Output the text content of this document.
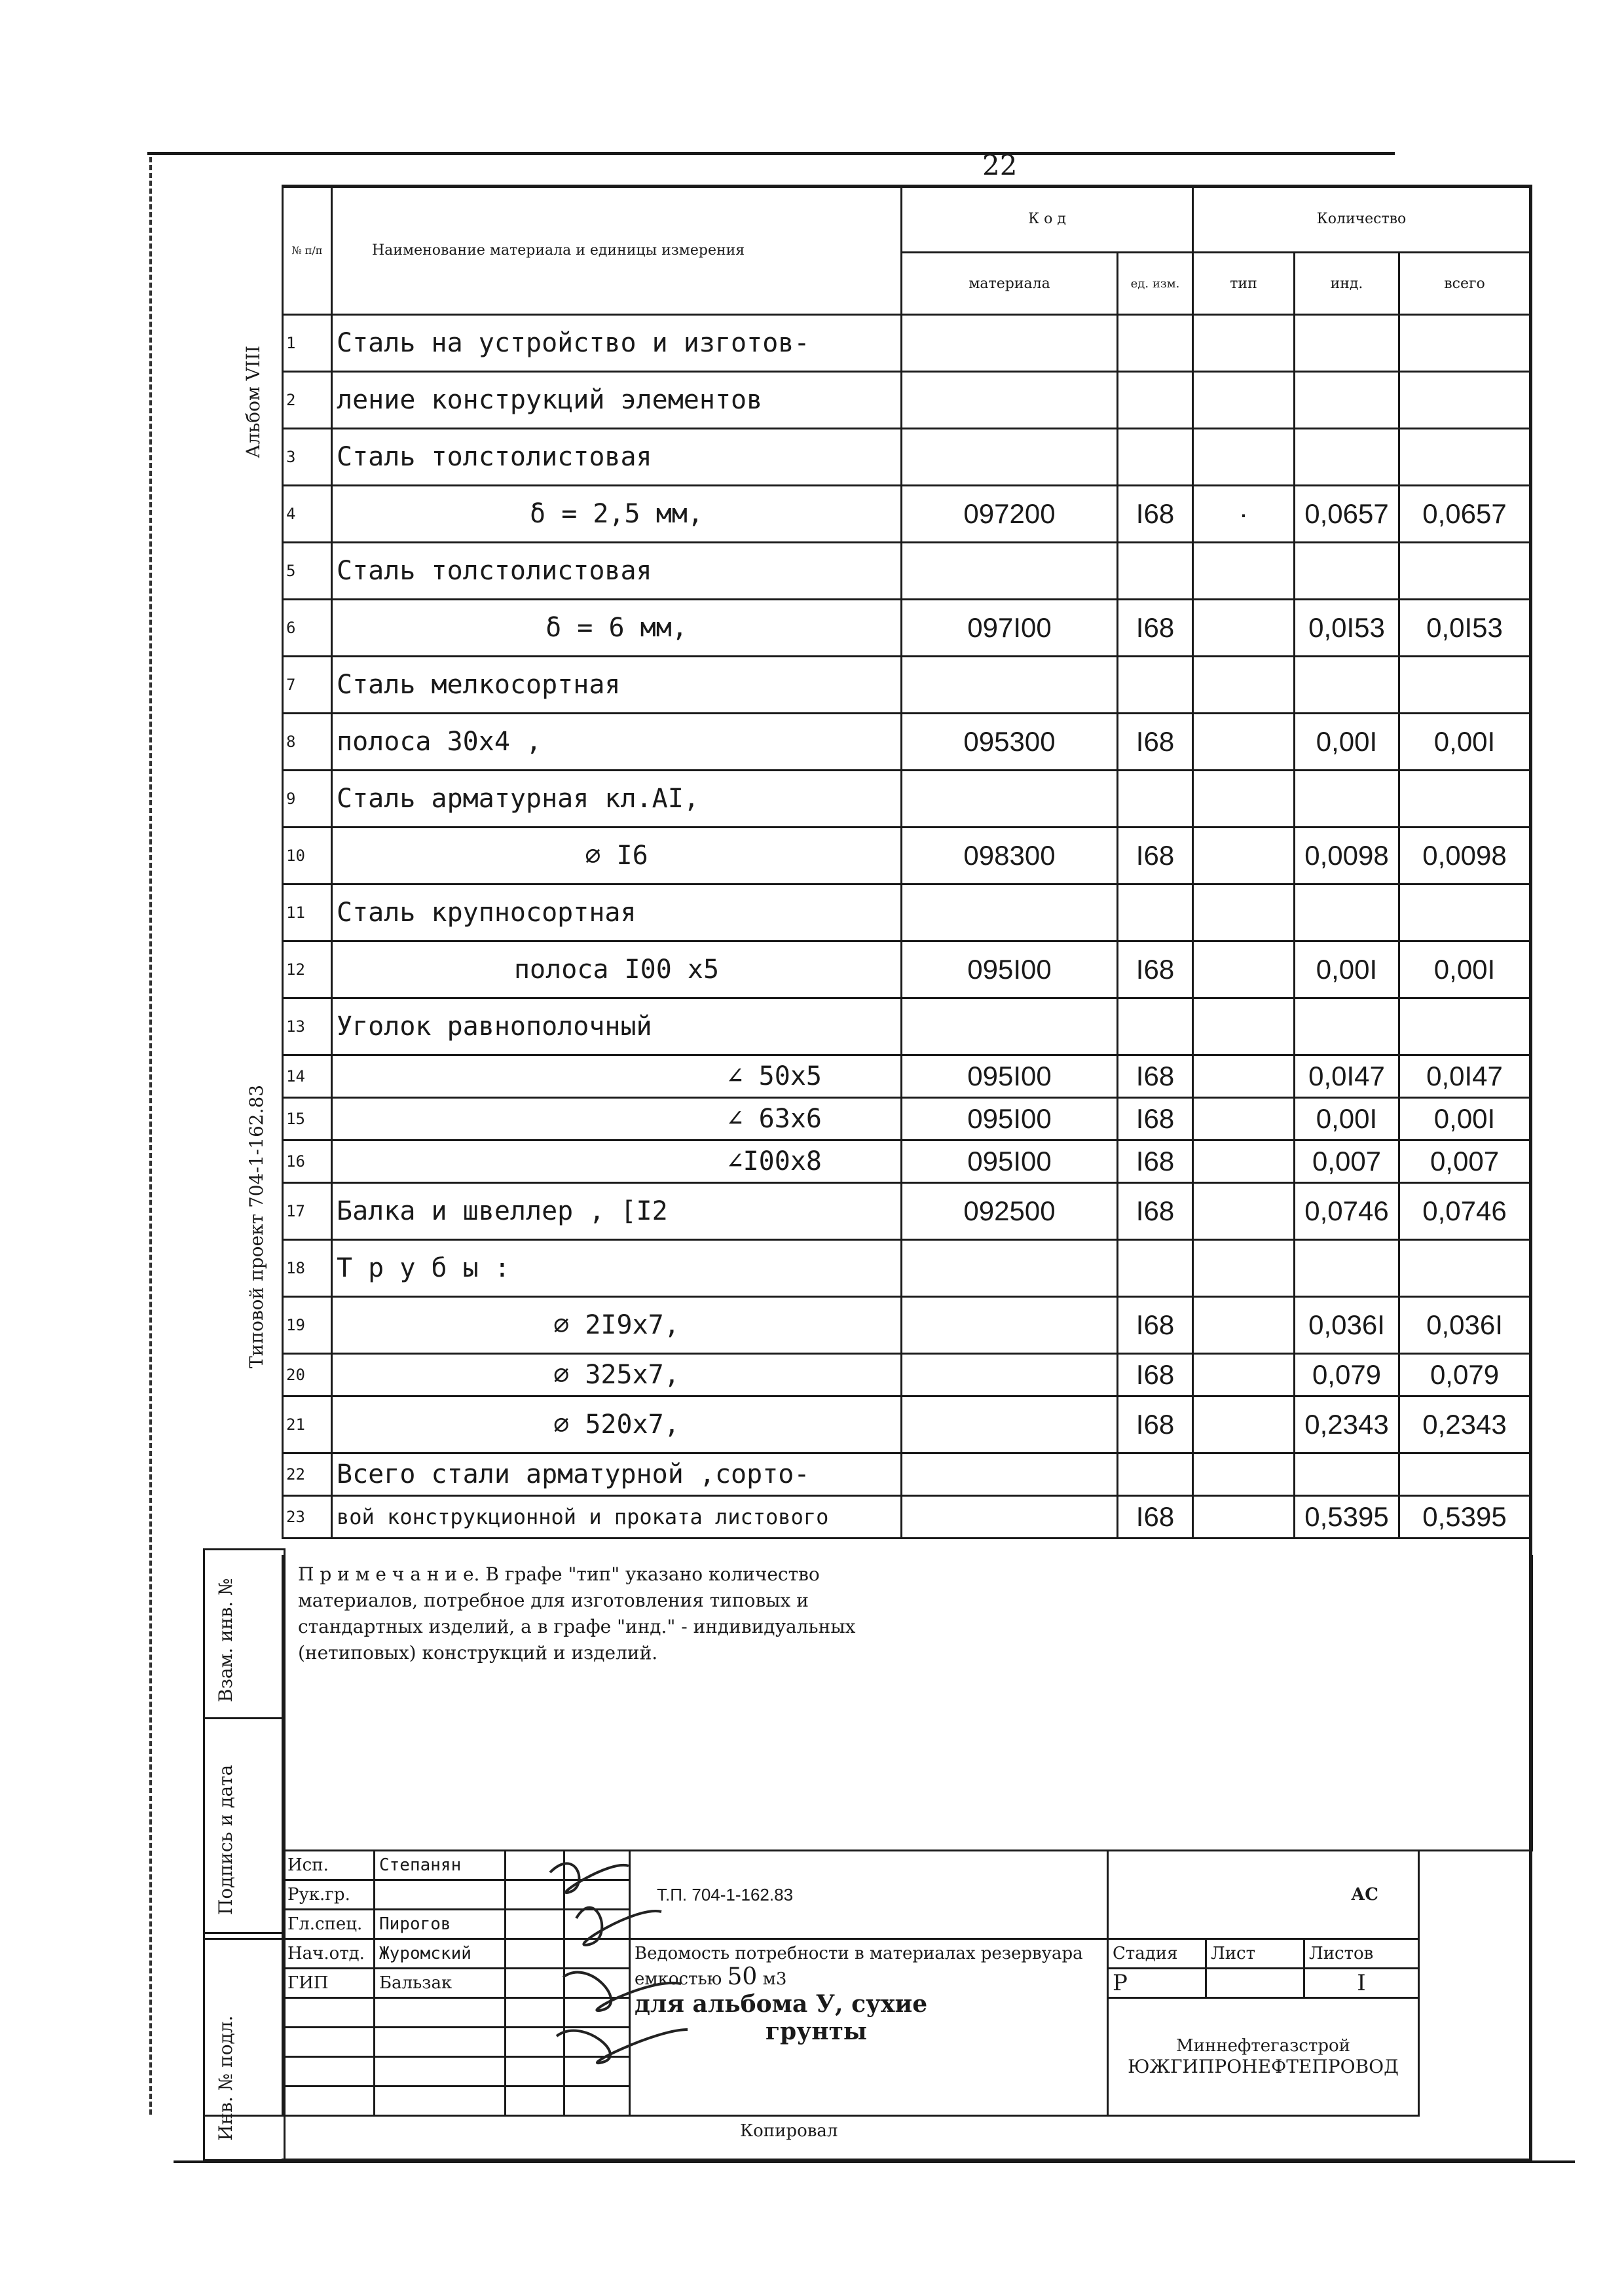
22
Альбом VIII
Типовой проект 704-1-162.83
Взам. инв. №
Подпись и дата
Инв. № подл.
№ п/п	Наименование материала и единицы измерения	К о д		Количество		
		материала	ед. изм.	тип	инд.	всего
1	Сталь на устройство и изготов-					
2	ление конструкций элементов					
3	Сталь толстолистовая					
4	δ = 2,5 мм,	097200	I68	·	0,0657	0,0657
5	Сталь толстолистовая					
6	δ = 6 мм,	097I00	I68		0,0I53	0,0I53
7	Сталь мелкосортная					
8	полоса 30х4 ,	095300	I68		0,00I	0,00I
9	Сталь арматурная кл.АI,					
10	∅ I6	098300	I68		0,0098	0,0098
11	Сталь крупносортная					
12	полоса I00 х5	095I00	I68		0,00I	0,00I
13	Уголок равнополочный					
14	∠ 50х5	095I00	I68		0,0I47	0,0I47
15	∠ 63х6	095I00	I68		0,00I	0,00I
16	∠I00х8	095I00	I68		0,007	0,007
17	Балка и швеллер , [I2	092500	I68		0,0746	0,0746
18	Т р у б ы :					
19	∅ 2I9х7,		I68		0,036I	0,036I
20	∅ 325х7,		I68		0,079	0,079
21	∅ 520х7,		I68		0,2343	0,2343
22	Всего стали арматурной ,сорто-					
23	вой конструкционной и проката листового		I68		0,5395	0,5395
П р и м е ч а н и е. В графе "тип" указано количество материалов, потребное для изготовления типовых и стандартных изделий, а в графе "инд." - индивидуальных (нетиповых) конструкций и изделий.
	Исп.	Степанян			Т.П. 704-1-162.83	АС		
	Рук.гр.							
	Гл.спец.	Пирогов						
	Нач.отд.	Журомский			Ведомость потребности в материалах резервуара емкостью 50 м3
для альбома У, сухие
грунты	Стадия	Лист	Листов
	ГИП	Бальзак				Р		I
						Миннефтегазстрой
ЮЖГИПРОНЕФТЕПРОВОД		

Копировал
